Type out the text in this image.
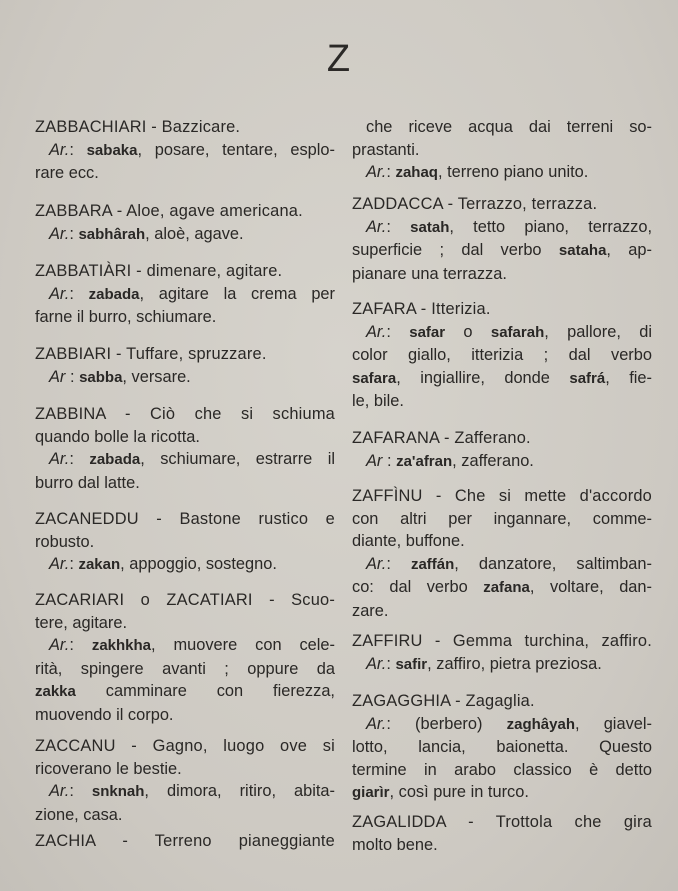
Z
ZABBACHIARI - Bazzicare.
Ar.: sabaka, posare, tentare, esplo-
rare ecc.
ZABBARA - Aloe, agave americana.
Ar.: sabhârah, aloè, agave.
ZABBATIÀRI - dimenare, agitare.
Ar.: zabada, agitare la crema per
farne il burro, schiumare.
ZABBIARI - Tuffare, spruzzare.
Ar : sabba, versare.
ZABBINA - Ciò che si schiuma
quando bolle la ricotta.
Ar.: zabada, schiumare, estrarre il
burro dal latte.
ZACANEDDU - Bastone rustico e
robusto.
Ar.: zakan, appoggio, sostegno.
ZACARIARI o ZACATIARI - Scuo-
tere, agitare.
Ar.: zakhkha, muovere con cele-
rità, spingere avanti ; oppure da
zakka camminare con fierezza,
muovendo il corpo.
ZACCANU - Gagno, luogo ove si
ricoverano le bestie.
Ar.: snknah, dimora, ritiro, abita-
zione, casa.
ZACHIA - Terreno pianeggiante
che riceve acqua dai terreni so-
prastanti.
Ar.: zahaq, terreno piano unito.
ZADDACCA - Terrazzo, terrazza.
Ar.: satah, tetto piano, terrazzo,
superficie ; dal verbo sataha, ap-
pianare una terrazza.
ZAFARA - Itterizia.
Ar.: safar o safarah, pallore, di
color giallo, itterizia ; dal verbo
safara, ingiallire, donde safrá, fie-
le, bile.
ZAFARANA - Zafferano.
Ar : za'afran, zafferano.
ZAFFÌNU - Che si mette d'accordo
con altri per ingannare, comme-
diante, buffone.
Ar.: zaffán, danzatore, saltimban-
co: dal verbo zafana, voltare, dan-
zare.
ZAFFIRU - Gemma turchina, zaffiro.
Ar.: safir, zaffiro, pietra preziosa.
ZAGAGGHIA - Zagaglia.
Ar.: (berbero) zaghâyah, giavel-
lotto, lancia, baionetta. Questo
termine in arabo classico è detto
giarìr, così pure in turco.
ZAGALIDDA - Trottola che gira
molto bene.
